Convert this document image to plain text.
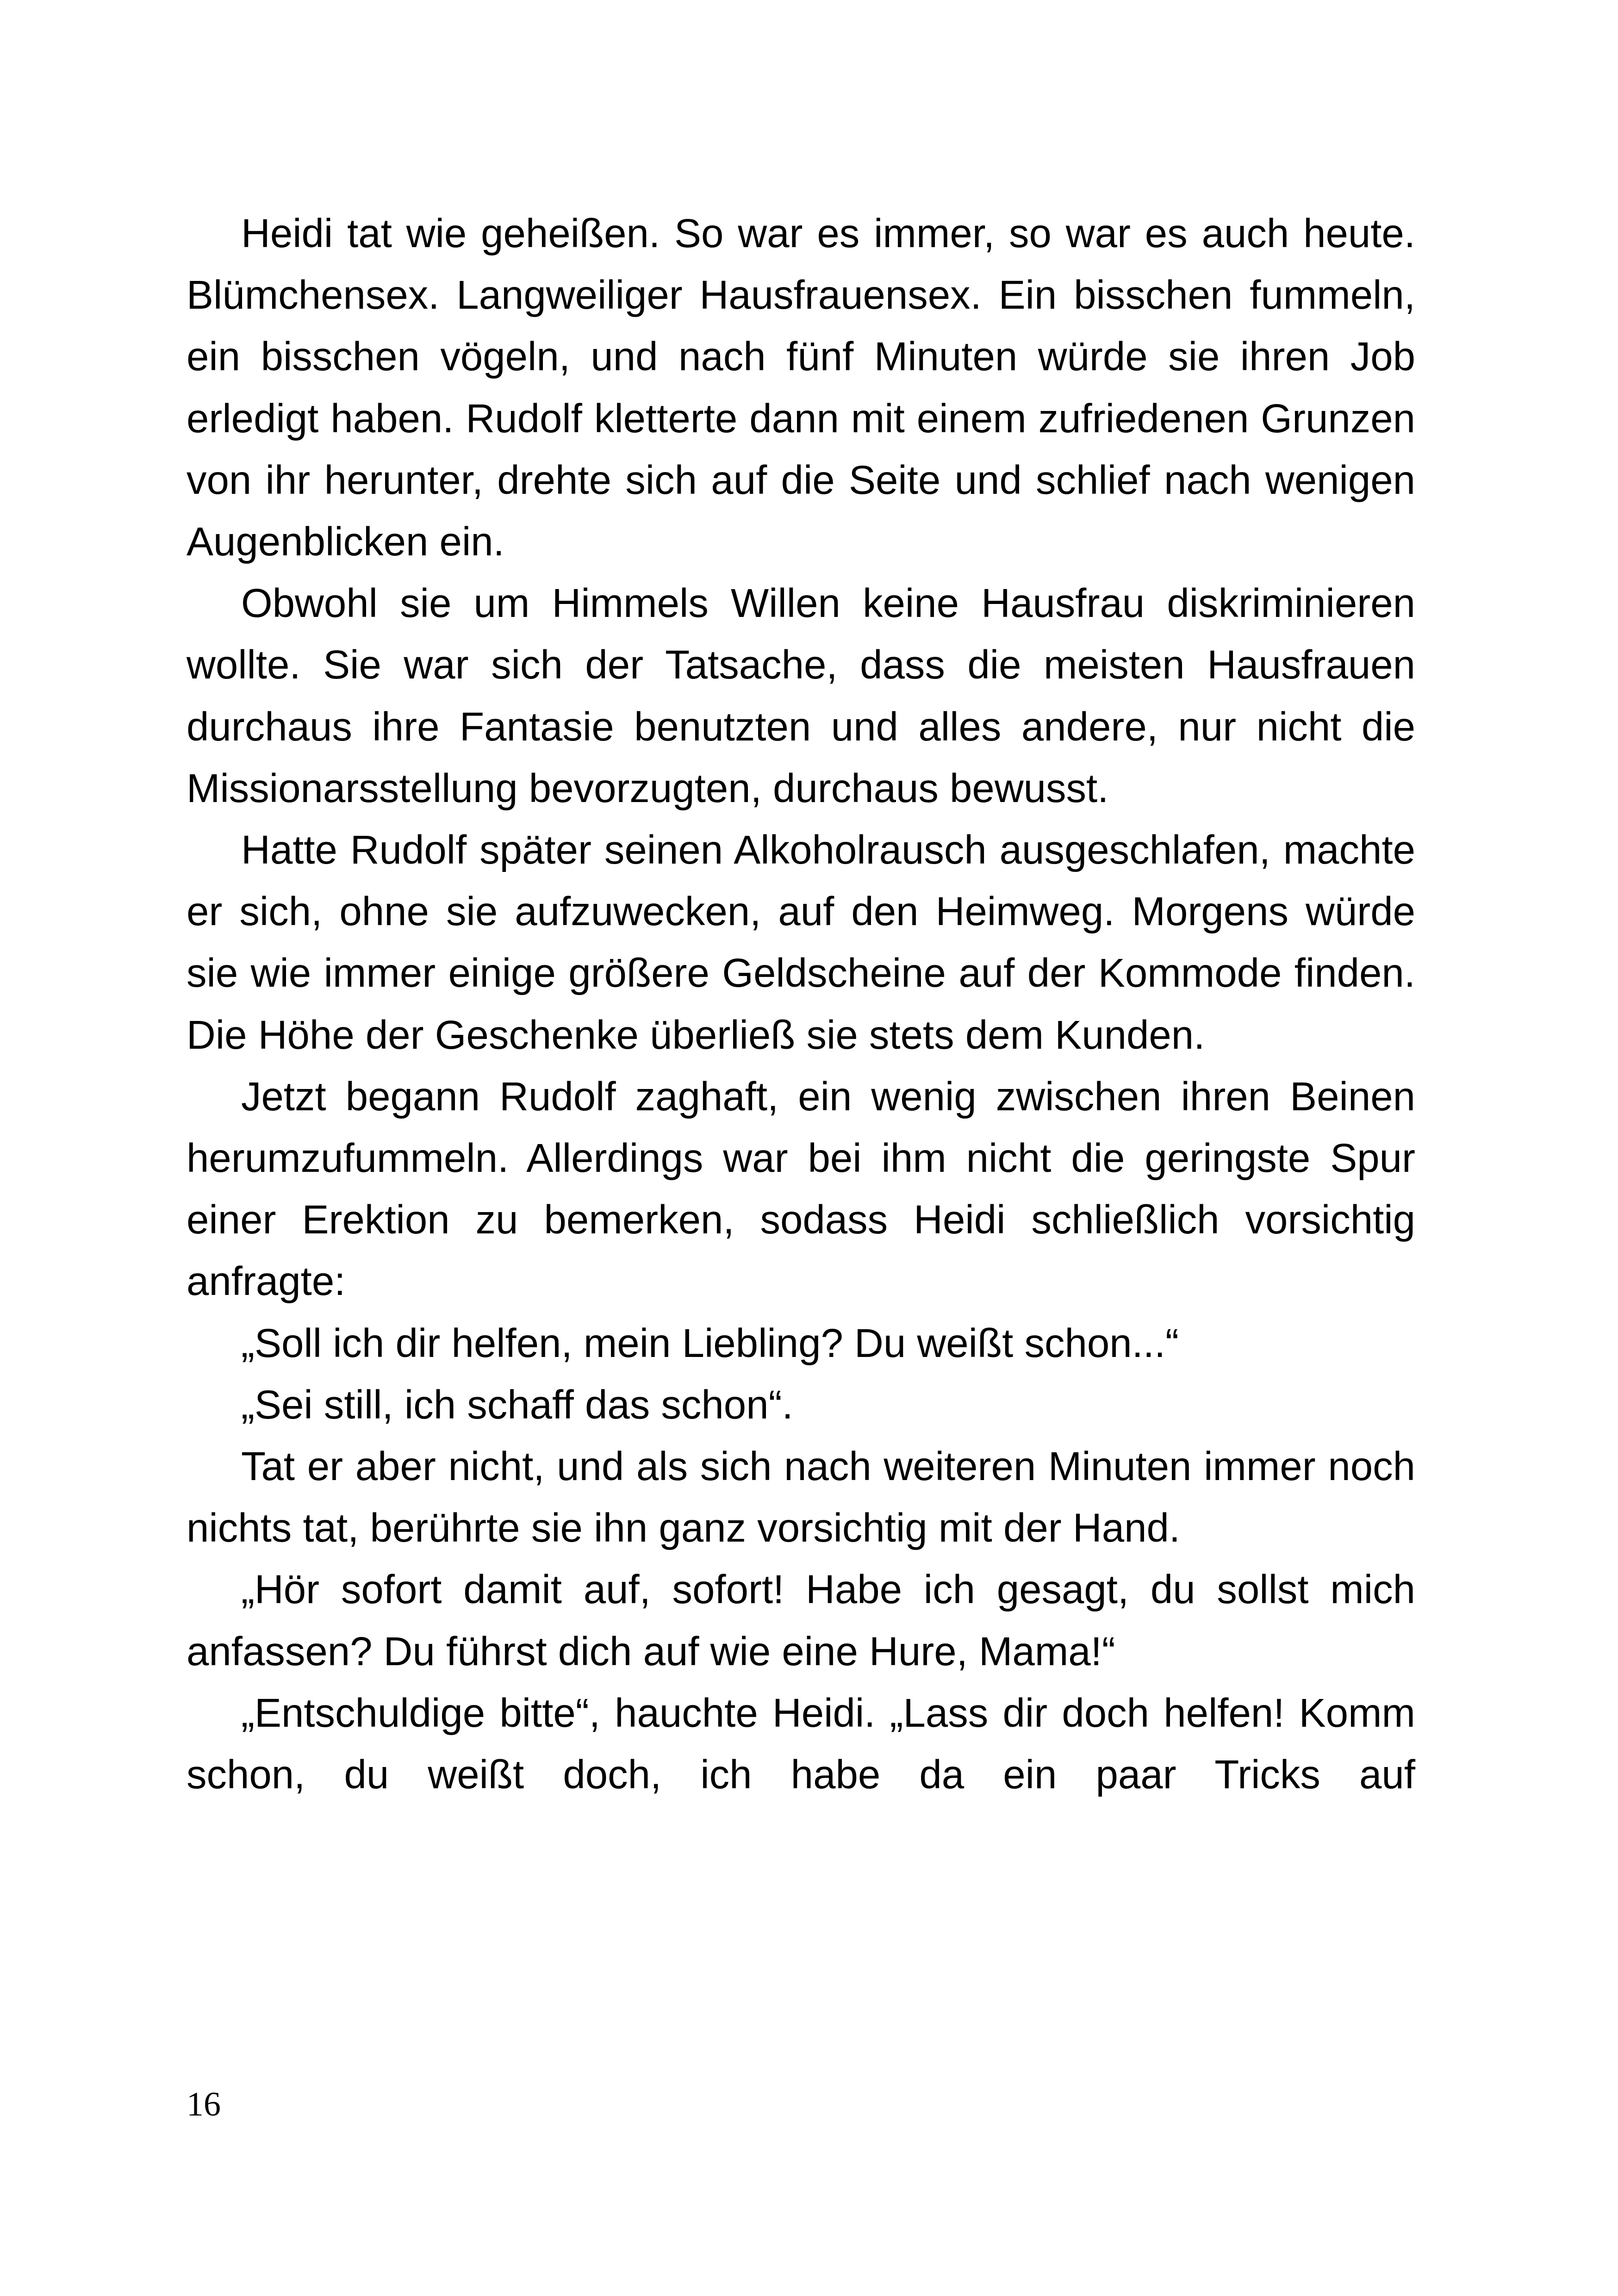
Heidi tat wie geheißen. So war es immer, so war es auch heute. Blümchensex. Langweiliger Hausfrauensex. Ein bisschen fummeln, ein bisschen vögeln, und nach fünf Minuten würde sie ihren Job erledigt haben. Rudolf kletterte dann mit einem zufriedenen Grunzen von ihr herunter, drehte sich auf die Seite und schlief nach wenigen Augenblicken ein.

Obwohl sie um Himmels Willen keine Hausfrau diskriminieren wollte. Sie war sich der Tatsache, dass die meisten Hausfrauen durchaus ihre Fantasie benutzten und alles andere, nur nicht die Missionarsstellung bevorzugten, durchaus bewusst.

Hatte Rudolf später seinen Alkoholrausch ausgeschlafen, machte er sich, ohne sie aufzuwecken, auf den Heimweg. Morgens würde sie wie immer einige größere Geldscheine auf der Kommode finden. Die Höhe der Geschenke überließ sie stets dem Kunden.

Jetzt begann Rudolf zaghaft, ein wenig zwischen ihren Beinen herumzufummeln. Allerdings war bei ihm nicht die geringste Spur einer Erektion zu bemerken, sodass Heidi schließlich vorsichtig anfragte:

„Soll ich dir helfen, mein Liebling? Du weißt schon...“

„Sei still, ich schaff das schon“.

Tat er aber nicht, und als sich nach weiteren Minuten immer noch nichts tat, berührte sie ihn ganz vorsichtig mit der Hand.

„Hör sofort damit auf, sofort! Habe ich gesagt, du sollst mich anfassen? Du führst dich auf wie eine Hure, Mama!“

„Entschuldige bitte“, hauchte Heidi. „Lass dir doch helfen! Komm schon, du weißt doch, ich habe da ein paar Tricks auf

16
